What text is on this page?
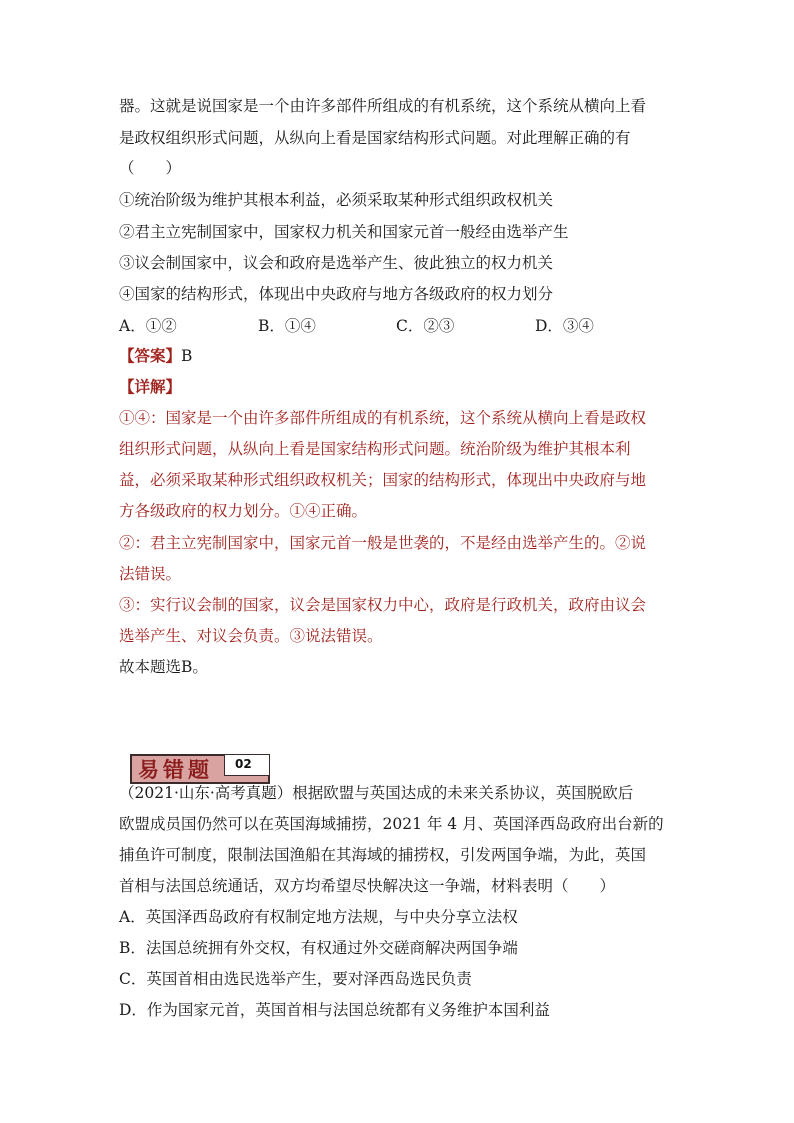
器。这就是说国家是一个由许多部件所组成的有机系统，这个系统从横向上看
是政权组织形式问题，从纵向上看是国家结构形式问题。对此理解正确的有
（　　）
①统治阶级为维护其根本利益，必须采取某种形式组织政权机关
②君主立宪制国家中，国家权力机关和国家元首一般经由选举产生
③议会制国家中，议会和政府是选举产生、彼此独立的权力机关
④国家的结构形式，体现出中央政府与地方各级政府的权力划分
A．①②	B．①④	C．②③	D．③④
【答案】B
【详解】
①④：国家是一个由许多部件所组成的有机系统，这个系统从横向上看是政权
组织形式问题，从纵向上看是国家结构形式问题。统治阶级为维护其根本利
益，必须采取某种形式组织政权机关；国家的结构形式，体现出中央政府与地
方各级政府的权力划分。①④正确。
②：君主立宪制国家中，国家元首一般是世袭的，不是经由选举产生的。②说
法错误。
③：实行议会制的国家，议会是国家权力中心，政府是行政机关，政府由议会
选举产生、对议会负责。③说法错误。
故本题选B。
易错题 02
（2021·山东·高考真题）根据欧盟与英国达成的未来关系协议，英国脱欧后
欧盟成员国仍然可以在英国海域捕捞，2021 年 4 月、英国泽西岛政府出台新的
捕鱼许可制度，限制法国渔船在其海域的捕捞权，引发两国争端，为此，英国
首相与法国总统通话，双方均希望尽快解决这一争端，材料表明（　　）
A．英国泽西岛政府有权制定地方法规，与中央分享立法权
B．法国总统拥有外交权，有权通过外交磋商解决两国争端
C．英国首相由选民选举产生，要对泽西岛选民负责
D．作为国家元首，英国首相与法国总统都有义务维护本国利益
